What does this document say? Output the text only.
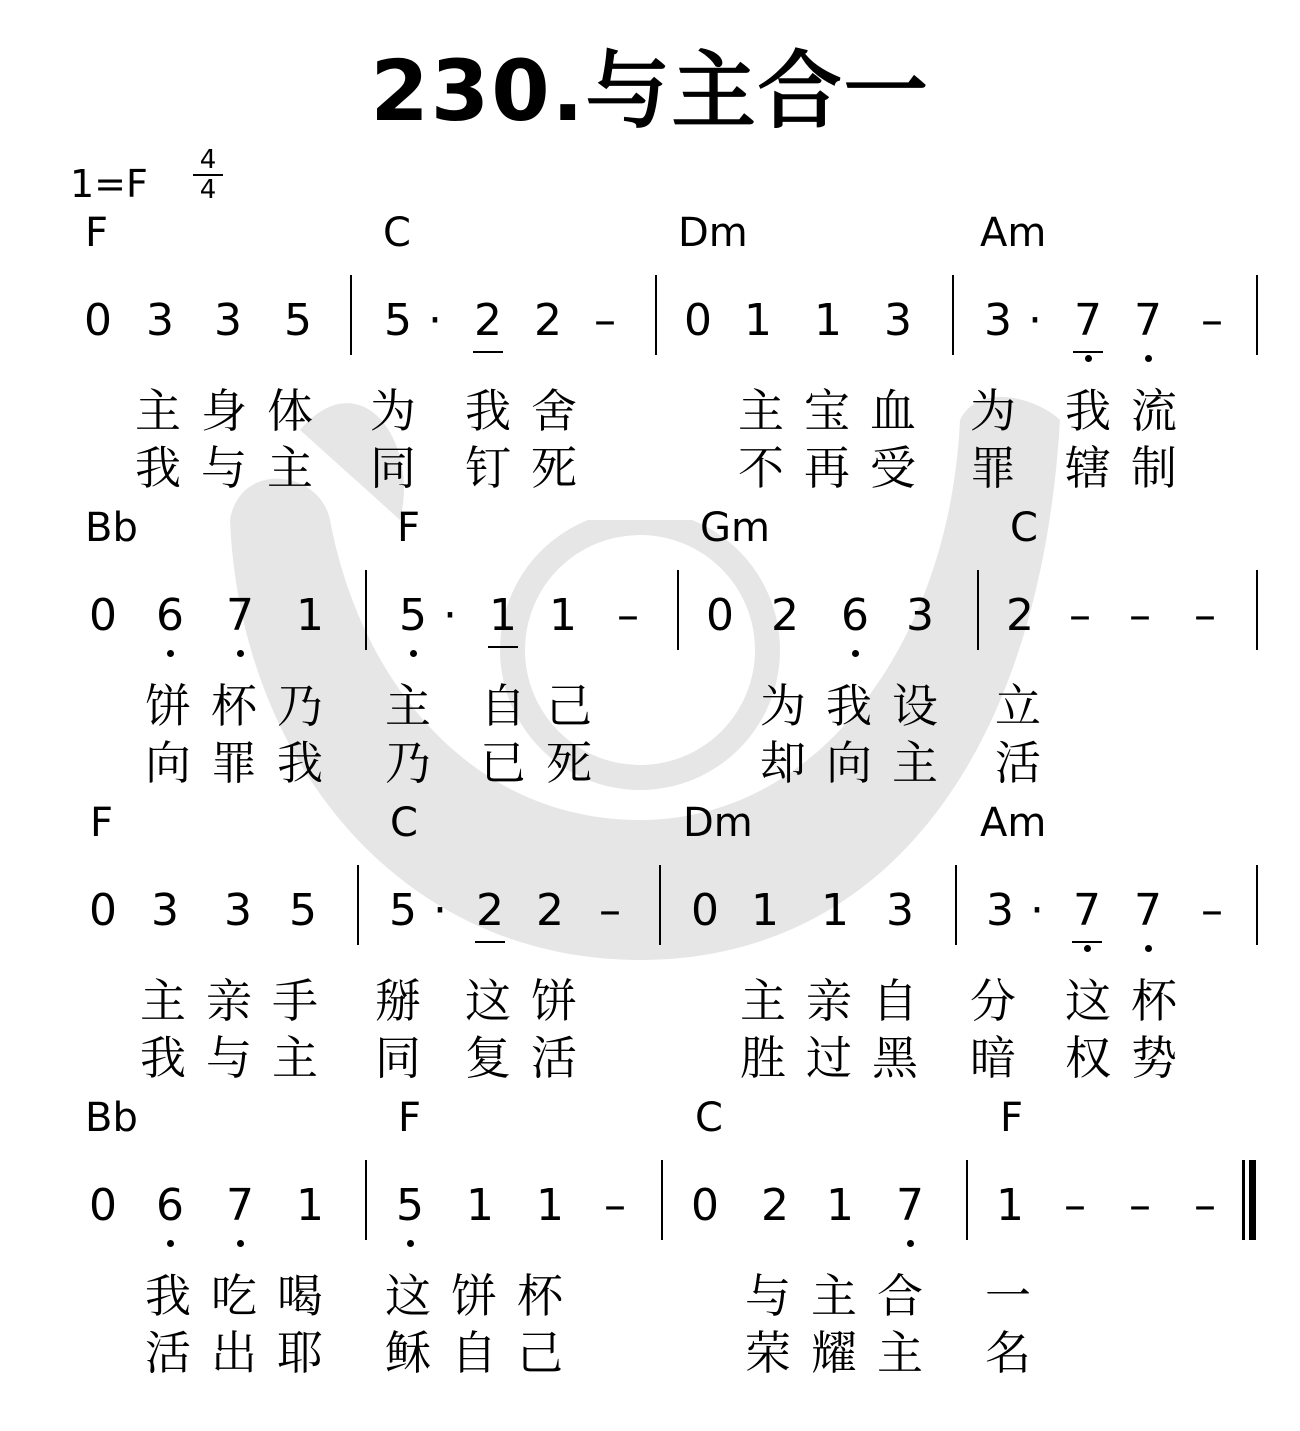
230.与主合一
1=F
4
4
F	C	Dm	Am
0 3 3 5 5 · 2 2 – 0 1 1 3 3 · 7 7 –
主身体 为 我舍	主宝血 为 我流
我与主 同 钉死	不再受 罪 辖制
Bb	F	Gm	C
0 6 7 1 5 · 1 1 – 0 2 6 3 2 – – –
饼杯乃 主 自己	为我设 立
向罪我 乃 已死	却向主 活
F	C	Dm	Am
0 3 3 5 5 · 2 2 – 0 1 1 3 3 · 7 7 –
主亲手 掰 这饼	主亲自 分 这杯
我与主 同 复活	胜过黑 暗 权势
Bb	F	C	F
0 6 7 1 5 1 1 – 0 2 1 7 1 – – –
我吃喝 这饼杯	与主合 一
活出耶 稣自己	荣耀主 名
